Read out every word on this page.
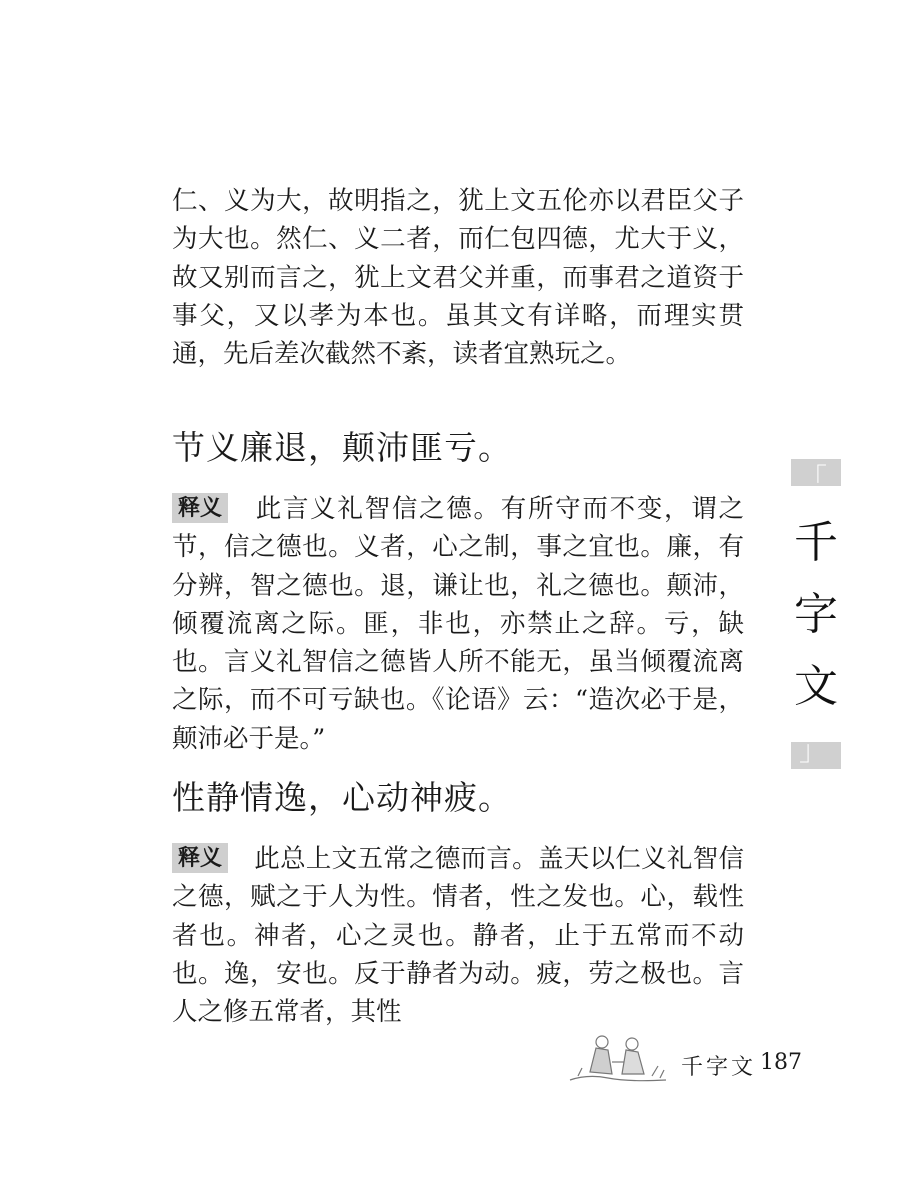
仁、义为大，故明指之，犹上文五伦亦以君臣父子为大也。然仁、义二者，而仁包四德，尤大于义，故又别而言之，犹上文君父并重，而事君之道资于事父，又以孝为本也。虽其文有详略，而理实贯通，先后差次截然不紊，读者宜熟玩之。

节义廉退，颠沛匪亏。

释义 此言义礼智信之德。有所守而不变，谓之节，信之德也。义者，心之制，事之宜也。廉，有分辨，智之德也。退，谦让也，礼之德也。颠沛，倾覆流离之际。匪，非也，亦禁止之辞。亏，缺也。言义礼智信之德皆人所不能无，虽当倾覆流离之际，而不可亏缺也。《论语》云：“造次必于是，颠沛必于是。”

性静情逸，心动神疲。

释义 此总上文五常之德而言。盖天以仁义礼智信之德，赋之于人为性。情者，性之发也。心，载性者也。神者，心之灵也。静者，止于五常而不动也。逸，安也。反于静者为动。疲，劳之极也。言人之修五常者，其性

「
千
字
文
」
千字文 187
